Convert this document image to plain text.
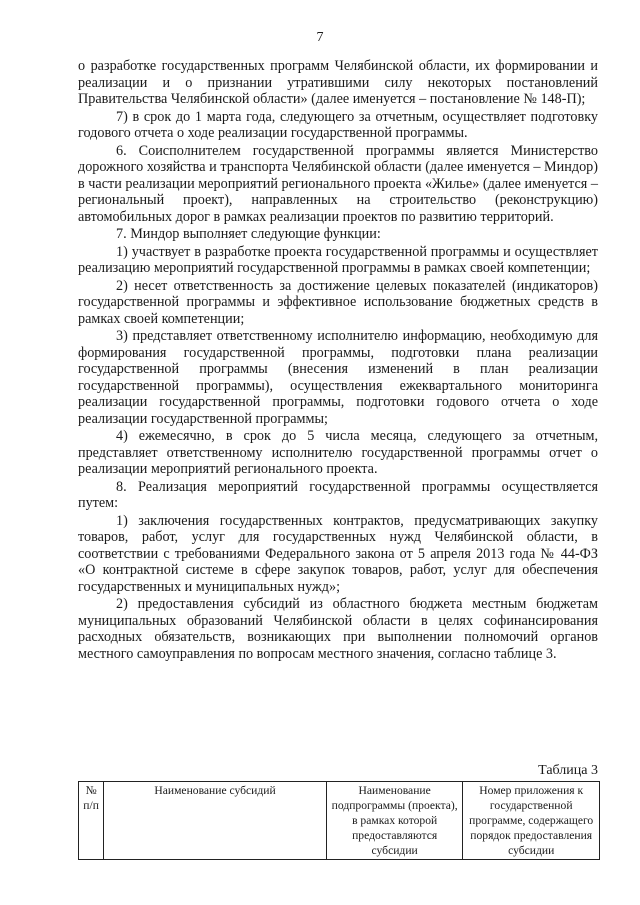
7

о разработке государственных программ Челябинской области, их формировании и реализации и о признании утратившими силу некоторых постановлений Правительства Челябинской области» (далее именуется – постановление № 148-П);

7) в срок до 1 марта года, следующего за отчетным, осуществляет подготовку годового отчета о ходе реализации государственной программы.

6. Соисполнителем государственной программы является Министерство дорожного хозяйства и транспорта Челябинской области (далее именуется – Миндор) в части реализации мероприятий регионального проекта «Жилье» (далее именуется – региональный проект), направленных на строительство (реконструкцию) автомобильных дорог в рамках реализации проектов по развитию территорий.

7. Миндор выполняет следующие функции:

1) участвует в разработке проекта государственной программы и осуществляет реализацию мероприятий государственной программы в рамках своей компетенции;

2) несет ответственность за достижение целевых показателей (индикаторов) государственной программы и эффективное использование бюджетных средств в рамках своей компетенции;

3) представляет ответственному исполнителю информацию, необходимую для формирования государственной программы, подготовки плана реализации государственной программы (внесения изменений в план реализации государственной программы), осуществления ежеквартального мониторинга реализации государственной программы, подготовки годового отчета о ходе реализации государственной программы;

4) ежемесячно, в срок до 5 числа месяца, следующего за отчетным, представляет ответственному исполнителю государственной программы отчет о реализации мероприятий регионального проекта.

8. Реализация мероприятий государственной программы осуществляется путем:

1) заключения государственных контрактов, предусматривающих закупку товаров, работ, услуг для государственных нужд Челябинской области, в соответствии с требованиями Федерального закона от 5 апреля 2013 года № 44-ФЗ «О контрактной системе в сфере закупок товаров, работ, услуг для обеспечения государственных и муниципальных нужд»;

2) предоставления субсидий из областного бюджета местным бюджетам муниципальных образований Челябинской области в целях софинансирования расходных обязательств, возникающих при выполнении полномочий органов местного самоуправления по вопросам местного значения, согласно таблице 3.

Таблица 3
№ п/п	Наименование субсидий	Наименование подпрограммы (проекта), в рамках которой предоставляются субсидии	Номер приложения к государственной программе, содержащего порядок предоставления субсидии
